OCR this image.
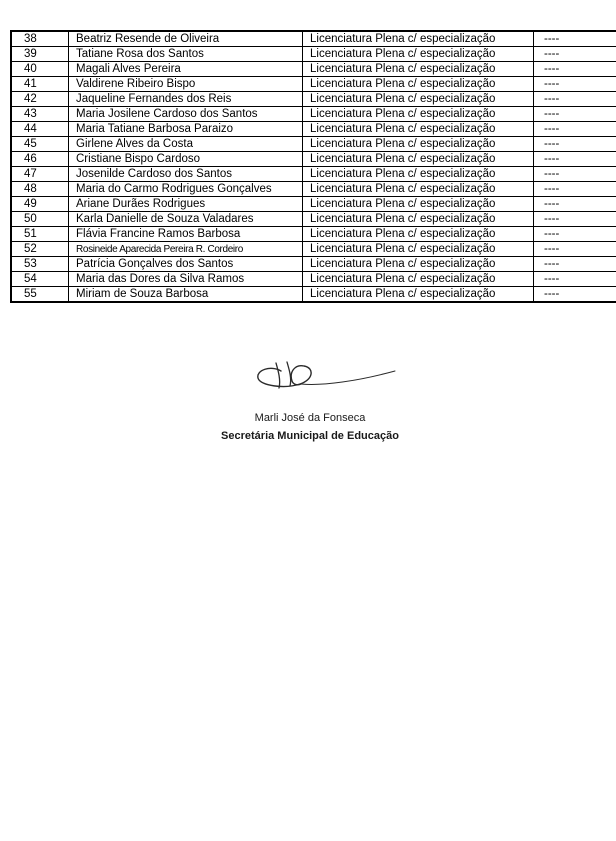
38	Beatriz Resende de Oliveira	Licenciatura Plena c/ especialização	----
39	Tatiane Rosa dos Santos	Licenciatura Plena c/ especialização	----
40	Magali Alves Pereira	Licenciatura Plena c/ especialização	----
41	Valdirene Ribeiro Bispo	Licenciatura Plena c/ especialização	----
42	Jaqueline Fernandes dos Reis	Licenciatura Plena c/ especialização	----
43	Maria Josilene Cardoso dos Santos	Licenciatura Plena c/ especialização	----
44	Maria Tatiane Barbosa Paraizo	Licenciatura Plena c/ especialização	----
45	Girlene Alves da Costa	Licenciatura Plena c/ especialização	----
46	Cristiane Bispo Cardoso	Licenciatura Plena c/ especialização	----
47	Josenilde Cardoso dos Santos	Licenciatura Plena c/ especialização	----
48	Maria do Carmo Rodrigues Gonçalves	Licenciatura Plena c/ especialização	----
49	Ariane Durães Rodrigues	Licenciatura Plena c/ especialização	----
50	Karla Danielle de Souza Valadares	Licenciatura Plena c/ especialização	----
51	Flávia Francine Ramos Barbosa	Licenciatura Plena c/ especialização	----
52	Rosineide Aparecida Pereira R. Cordeiro	Licenciatura Plena c/ especialização	----
53	Patrícia Gonçalves dos Santos	Licenciatura Plena c/ especialização	----
54	Maria das Dores da Silva Ramos	Licenciatura Plena c/ especialização	----
55	Miriam de Souza Barbosa	Licenciatura Plena c/ especialização	----
Marli José da Fonseca
Secretária Municipal de Educação
